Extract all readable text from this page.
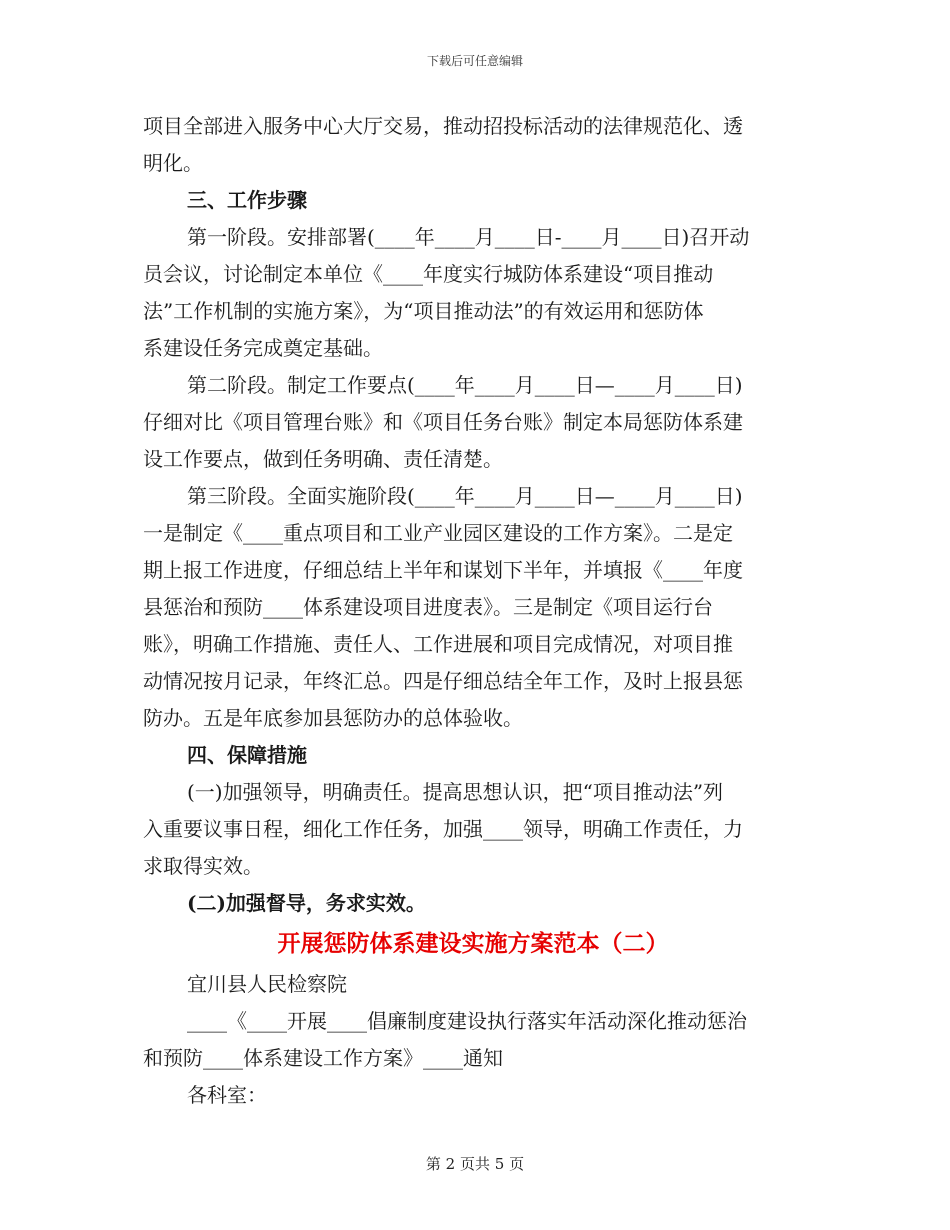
下载后可任意编辑
项目全部进入服务中心大厅交易，推动招投标活动的法律规范化、透
明化。
三、工作步骤
第一阶段。安排部署(____年____月____日-____月____日)召开动
员会议，讨论制定本单位《____年度实行城防体系建设“项目推动
法”工作机制的实施方案》，为“项目推动法”的有效运用和惩防体
系建设任务完成奠定基础。
第二阶段。制定工作要点(____年____月____日—____月____日)
仔细对比《项目管理台账》和《项目任务台账》制定本局惩防体系建
设工作要点，做到任务明确、责任清楚。
第三阶段。全面实施阶段(____年____月____日—____月____日)
一是制定《____重点项目和工业产业园区建设的工作方案》。二是定
期上报工作进度，仔细总结上半年和谋划下半年，并填报《____年度
县惩治和预防____体系建设项目进度表》。三是制定《项目运行台
账》，明确工作措施、责任人、工作进展和项目完成情况，对项目推
动情况按月记录，年终汇总。四是仔细总结全年工作，及时上报县惩
防办。五是年底参加县惩防办的总体验收。
四、保障措施
(一)加强领导，明确责任。提高思想认识，把“项目推动法”列
入重要议事日程，细化工作任务，加强____领导，明确工作责任，力
求取得实效。
(二)加强督导，务求实效。
开展惩防体系建设实施方案范本（二）
宜川县人民检察院
____《____开展____倡廉制度建设执行落实年活动深化推动惩治
和预防____体系建设工作方案》____通知
各科室：
第 2 页共 5 页
